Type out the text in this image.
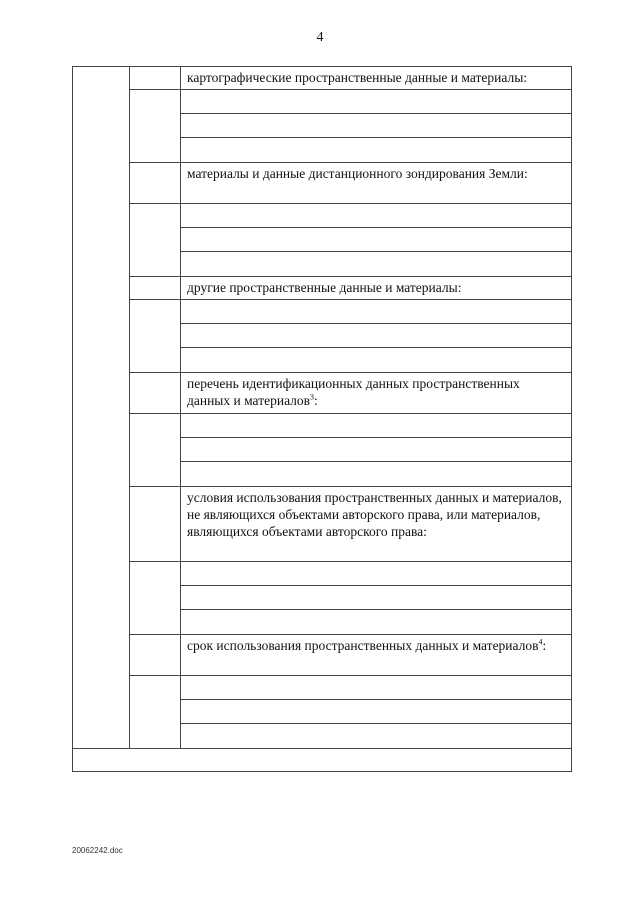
4

		картографические пространственные данные и материалы:

		материалы и данные дистанционного зондирования Земли:

		другие пространственные данные и материалы:

		перечень идентификационных данных пространственных данных и материалов$^3$:

		условия использования пространственных данных и материалов, не являющихся объектами авторского права, или материалов, являющихся объектами авторского права:

		срок использования пространственных данных и материалов$^4$:

20062242.doc
